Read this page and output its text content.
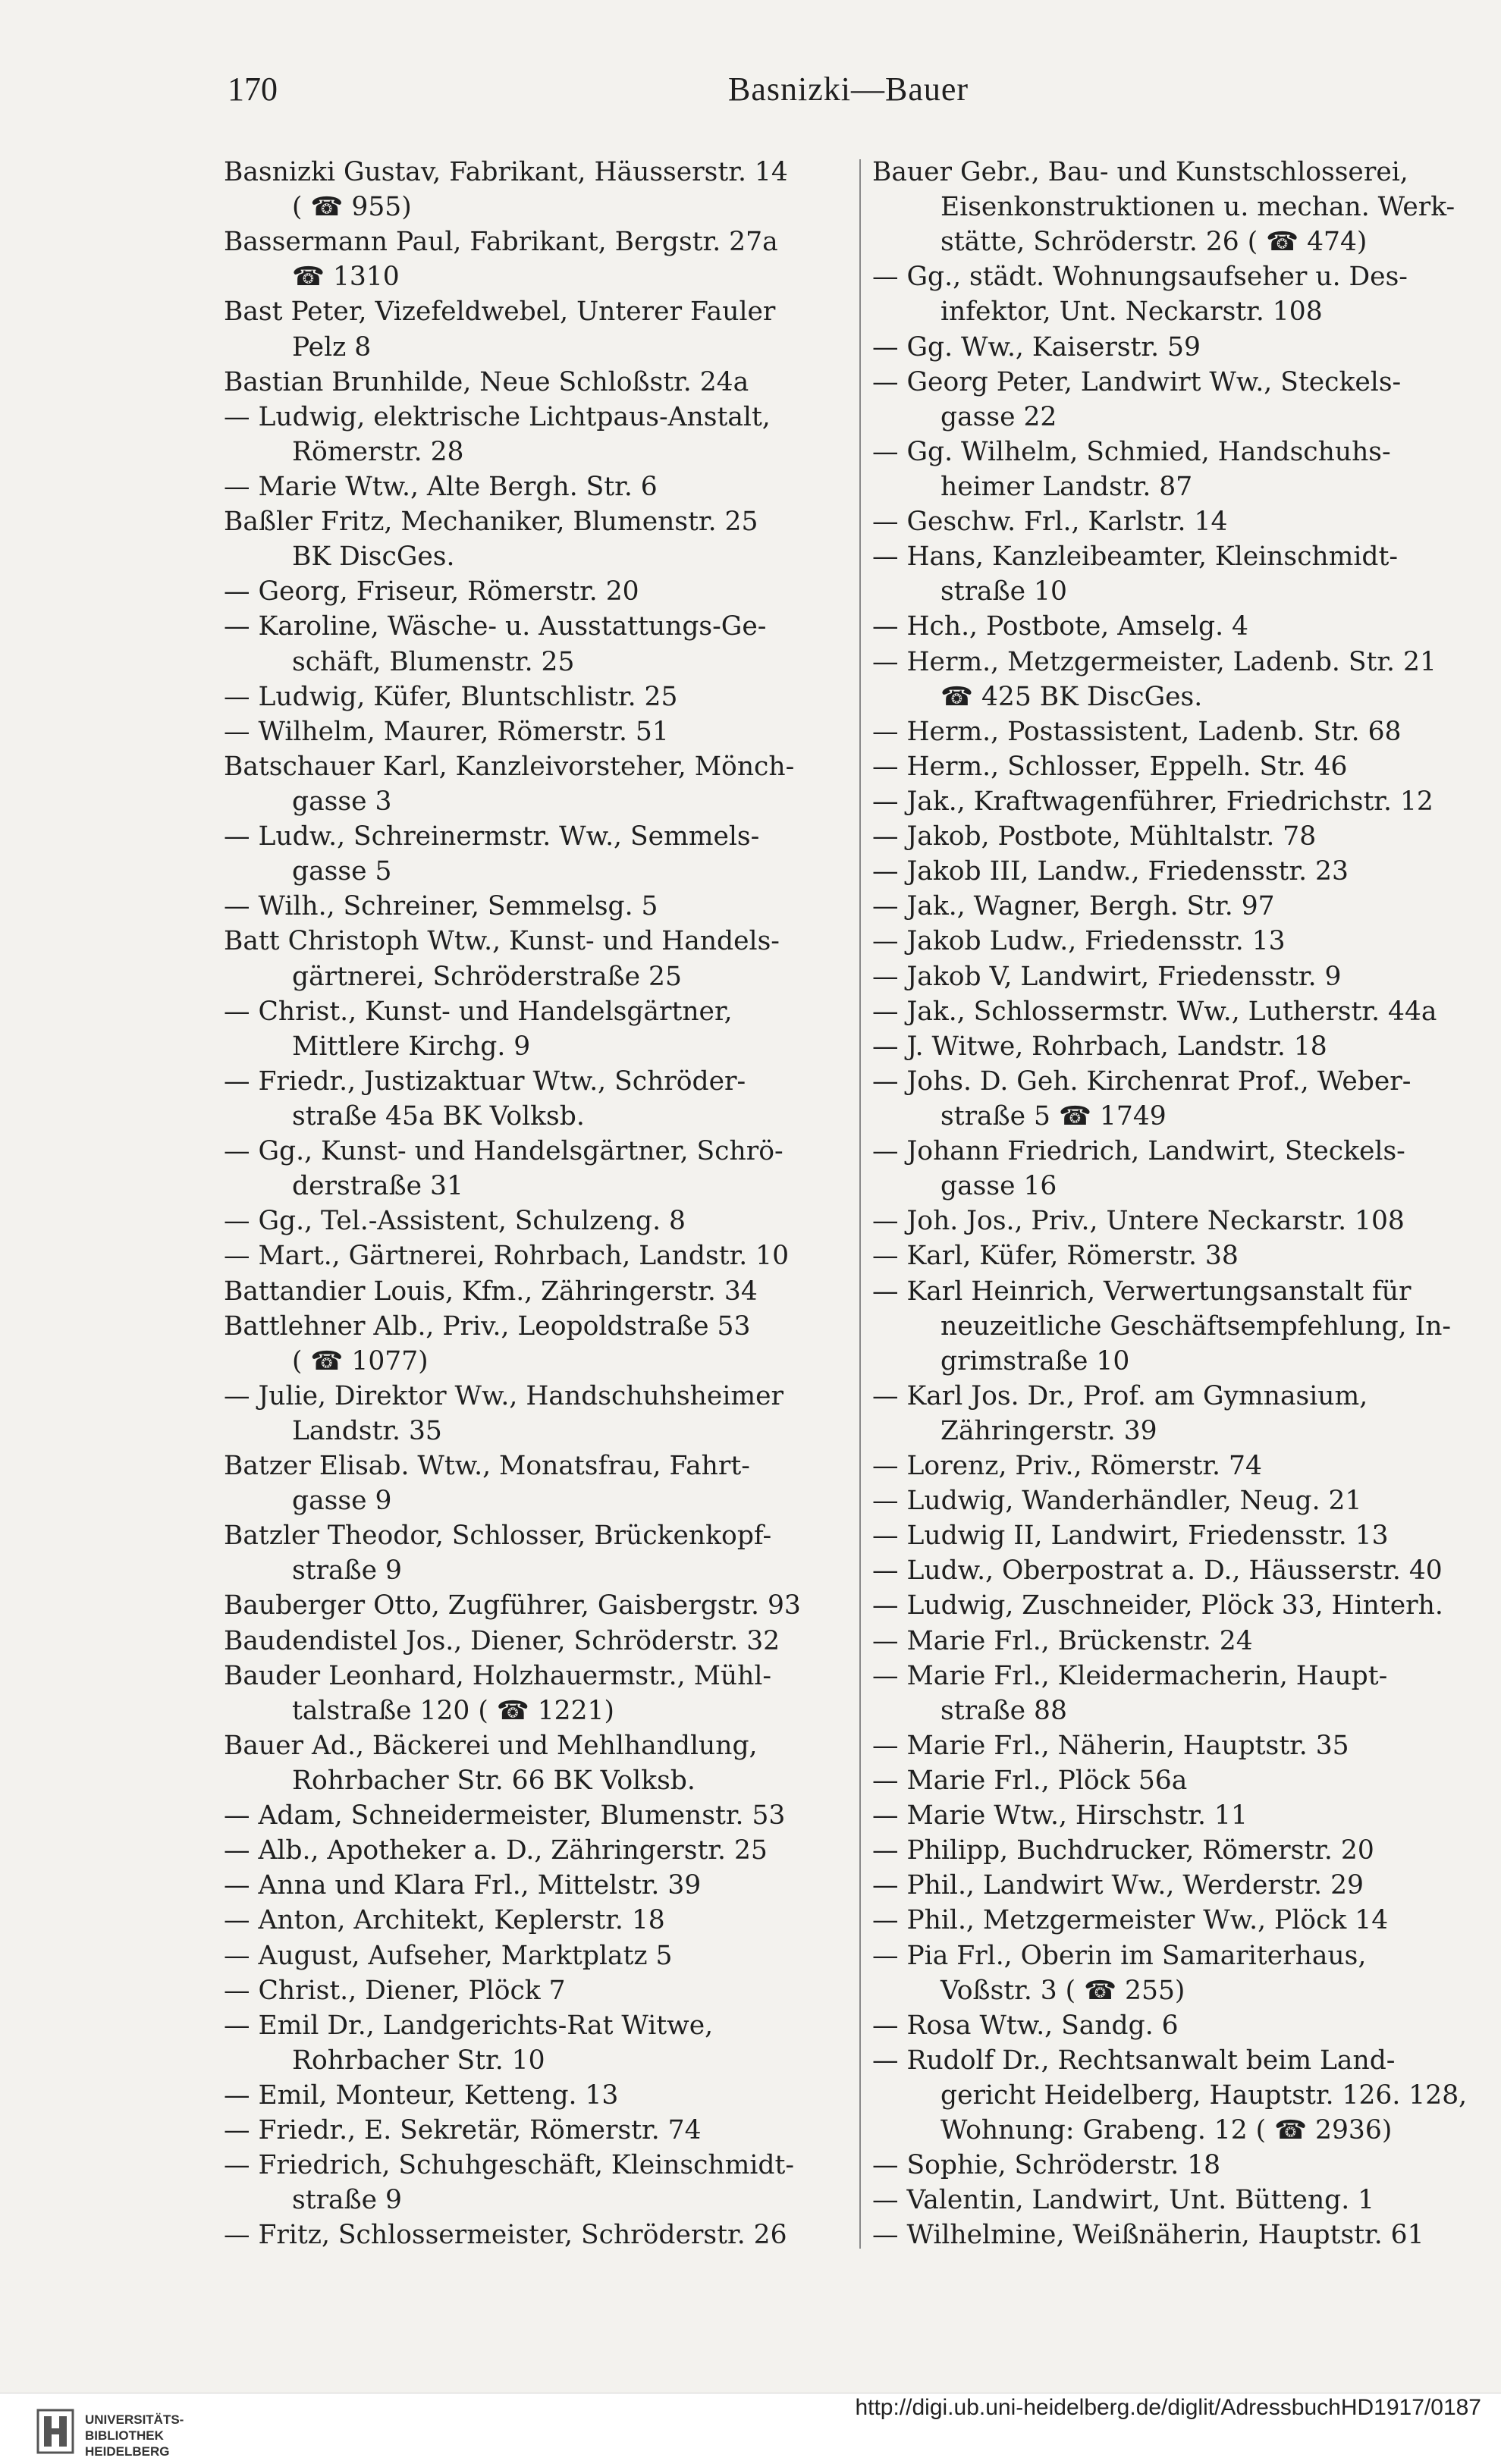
170	Basnizki—Bauer
Basnizki Gustav, Fabrikant, Häusserstr. 14
( ☎ 955)
Bassermann Paul, Fabrikant, Bergstr. 27a
☎ 1310
Bast Peter, Vizefeldwebel, Unterer Fauler
Pelz 8
Bastian Brunhilde, Neue Schloßstr. 24a
— Ludwig, elektrische Lichtpaus-Anstalt,
Römerstr. 28
— Marie Wtw., Alte Bergh. Str. 6
Baßler Fritz, Mechaniker, Blumenstr. 25
BK DiscGes.
— Georg, Friseur, Römerstr. 20
— Karoline, Wäsche- u. Ausstattungs-Ge-
schäft, Blumenstr. 25
— Ludwig, Küfer, Bluntschlistr. 25
— Wilhelm, Maurer, Römerstr. 51
Batschauer Karl, Kanzleivorsteher, Mönch-
gasse 3
— Ludw., Schreinermstr. Ww., Semmels-
gasse 5
— Wilh., Schreiner, Semmelsg. 5
Batt Christoph Wtw., Kunst- und Handels-
gärtnerei, Schröderstraße 25
— Christ., Kunst- und Handelsgärtner,
Mittlere Kirchg. 9
— Friedr., Justizaktuar Wtw., Schröder-
straße 45a BK Volksb.
— Gg., Kunst- und Handelsgärtner, Schrö-
derstraße 31
— Gg., Tel.-Assistent, Schulzeng. 8
— Mart., Gärtnerei, Rohrbach, Landstr. 10
Battandier Louis, Kfm., Zähringerstr. 34
Battlehner Alb., Priv., Leopoldstraße 53
( ☎ 1077)
— Julie, Direktor Ww., Handschuhsheimer
Landstr. 35
Batzer Elisab. Wtw., Monatsfrau, Fahrt-
gasse 9
Batzler Theodor, Schlosser, Brückenkopf-
straße 9
Bauberger Otto, Zugführer, Gaisbergstr. 93
Baudendistel Jos., Diener, Schröderstr. 32
Bauder Leonhard, Holzhauermstr., Mühl-
talstraße 120 ( ☎ 1221)
Bauer Ad., Bäckerei und Mehlhandlung,
Rohrbacher Str. 66 BK Volksb.
— Adam, Schneidermeister, Blumenstr. 53
— Alb., Apotheker a. D., Zähringerstr. 25
— Anna und Klara Frl., Mittelstr. 39
— Anton, Architekt, Keplerstr. 18
— August, Aufseher, Marktplatz 5
— Christ., Diener, Plöck 7
— Emil Dr., Landgerichts-Rat Witwe,
Rohrbacher Str. 10
— Emil, Monteur, Ketteng. 13
— Friedr., E. Sekretär, Römerstr. 74
— Friedrich, Schuhgeschäft, Kleinschmidt-
straße 9
— Fritz, Schlossermeister, Schröderstr. 26
Bauer Gebr., Bau- und Kunstschlosserei,
Eisenkonstruktionen u. mechan. Werk-
stätte, Schröderstr. 26 ( ☎ 474)
— Gg., städt. Wohnungsaufseher u. Des-
infektor, Unt. Neckarstr. 108
— Gg. Ww., Kaiserstr. 59
— Georg Peter, Landwirt Ww., Steckels-
gasse 22
— Gg. Wilhelm, Schmied, Handschuhs-
heimer Landstr. 87
— Geschw. Frl., Karlstr. 14
— Hans, Kanzleibeamter, Kleinschmidt-
straße 10
— Hch., Postbote, Amselg. 4
— Herm., Metzgermeister, Ladenb. Str. 21
☎ 425 BK DiscGes.
— Herm., Postassistent, Ladenb. Str. 68
— Herm., Schlosser, Eppelh. Str. 46
— Jak., Kraftwagenführer, Friedrichstr. 12
— Jakob, Postbote, Mühltalstr. 78
— Jakob III, Landw., Friedensstr. 23
— Jak., Wagner, Bergh. Str. 97
— Jakob Ludw., Friedensstr. 13
— Jakob V, Landwirt, Friedensstr. 9
— Jak., Schlossermstr. Ww., Lutherstr. 44a
— J. Witwe, Rohrbach, Landstr. 18
— Johs. D. Geh. Kirchenrat Prof., Weber-
straße 5 ☎ 1749
— Johann Friedrich, Landwirt, Steckels-
gasse 16
— Joh. Jos., Priv., Untere Neckarstr. 108
— Karl, Küfer, Römerstr. 38
— Karl Heinrich, Verwertungsanstalt für
neuzeitliche Geschäftsempfehlung, In-
grimstraße 10
— Karl Jos. Dr., Prof. am Gymnasium,
Zähringerstr. 39
— Lorenz, Priv., Römerstr. 74
— Ludwig, Wanderhändler, Neug. 21
— Ludwig II, Landwirt, Friedensstr. 13
— Ludw., Oberpostrat a. D., Häusserstr. 40
— Ludwig, Zuschneider, Plöck 33, Hinterh.
— Marie Frl., Brückenstr. 24
— Marie Frl., Kleidermacherin, Haupt-
straße 88
— Marie Frl., Näherin, Hauptstr. 35
— Marie Frl., Plöck 56a
— Marie Wtw., Hirschstr. 11
— Philipp, Buchdrucker, Römerstr. 20
— Phil., Landwirt Ww., Werderstr. 29
— Phil., Metzgermeister Ww., Plöck 14
— Pia Frl., Oberin im Samariterhaus,
Voßstr. 3 ( ☎ 255)
— Rosa Wtw., Sandg. 6
— Rudolf Dr., Rechtsanwalt beim Land-
gericht Heidelberg, Hauptstr. 126. 128,
Wohnung: Grabeng. 12 ( ☎ 2936)
— Sophie, Schröderstr. 18
— Valentin, Landwirt, Unt. Bütteng. 1
— Wilhelmine, Weißnäherin, Hauptstr. 61
UNIVERSITÄTS-
BIBLIOTHEK
HEIDELBERG
http://digi.ub.uni-heidelberg.de/diglit/AdressbuchHD1917/0187
